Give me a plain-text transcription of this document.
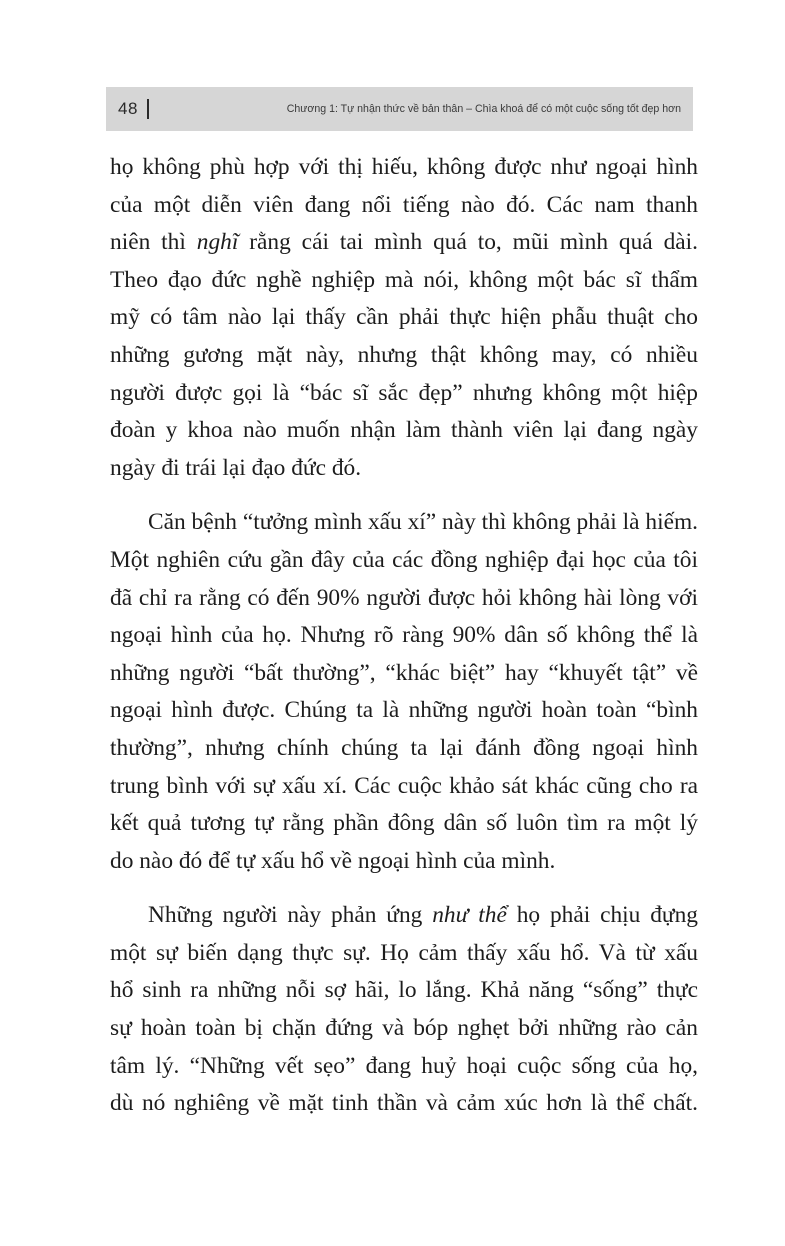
48	Chương 1: Tự nhận thức về bản thân – Chìa khoá để có một cuộc sống tốt đẹp hơn

họ không phù hợp với thị hiếu, không được như ngoại hình
của một diễn viên đang nổi tiếng nào đó. Các nam thanh
niên thì nghĩ rằng cái tai mình quá to, mũi mình quá dài.
Theo đạo đức nghề nghiệp mà nói, không một bác sĩ thẩm
mỹ có tâm nào lại thấy cần phải thực hiện phẫu thuật cho
những gương mặt này, nhưng thật không may, có nhiều
người được gọi là “bác sĩ sắc đẹp” nhưng không một hiệp
đoàn y khoa nào muốn nhận làm thành viên lại đang ngày
ngày đi trái lại đạo đức đó.

Căn bệnh “tưởng mình xấu xí” này thì không phải là hiếm.
Một nghiên cứu gần đây của các đồng nghiệp đại học của tôi
đã chỉ ra rằng có đến 90% người được hỏi không hài lòng với
ngoại hình của họ. Nhưng rõ ràng 90% dân số không thể là
những người “bất thường”, “khác biệt” hay “khuyết tật” về
ngoại hình được. Chúng ta là những người hoàn toàn “bình
thường”, nhưng chính chúng ta lại đánh đồng ngoại hình
trung bình với sự xấu xí. Các cuộc khảo sát khác cũng cho ra
kết quả tương tự rằng phần đông dân số luôn tìm ra một lý
do nào đó để tự xấu hổ về ngoại hình của mình.

Những người này phản ứng như thể họ phải chịu đựng
một sự biến dạng thực sự. Họ cảm thấy xấu hổ. Và từ xấu
hổ sinh ra những nỗi sợ hãi, lo lắng. Khả năng “sống” thực
sự hoàn toàn bị chặn đứng và bóp nghẹt bởi những rào cản
tâm lý. “Những vết sẹo” đang huỷ hoại cuộc sống của họ,
dù nó nghiêng về mặt tinh thần và cảm xúc hơn là thể chất.
